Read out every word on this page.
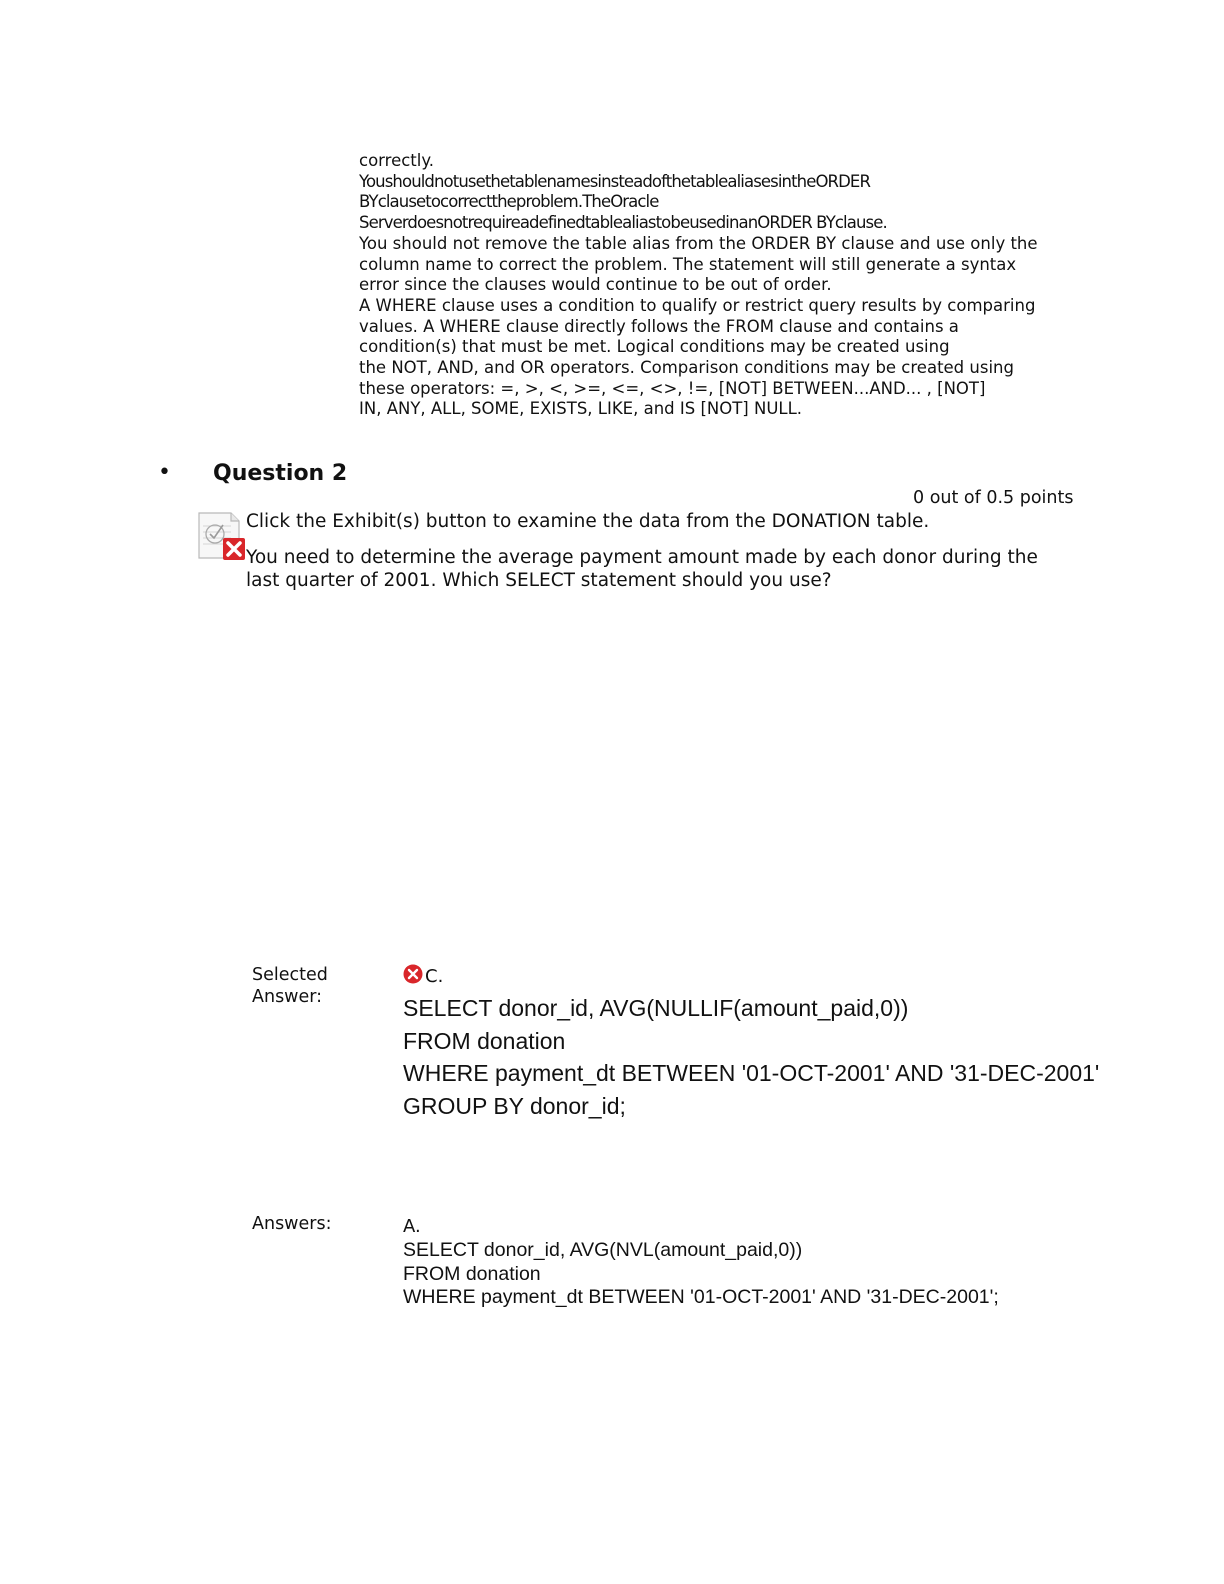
correctly.
YoushouldnotusethetablenamesinsteadofthetablealiasesintheORDER
BYclausetocorrecttheproblem.TheOracle
ServerdoesnotrequireadefinedtablealiastobeusedinanORDER BYclause.
You should not remove the table alias from the ORDER BY clause and use only the
column name to correct the problem. The statement will still generate a syntax
error since the clauses would continue to be out of order.
A WHERE clause uses a condition to qualify or restrict query results by comparing
values. A WHERE clause directly follows the FROM clause and contains a
condition(s) that must be met. Logical conditions may be created using
the NOT, AND, and OR operators. Comparison conditions may be created using
these operators: =, >, <, >=, <=, <>, !=, [NOT] BETWEEN...AND... , [NOT]
IN, ANY, ALL, SOME, EXISTS, LIKE, and IS [NOT] NULL.
• Question 2
0 out of 0.5 points

Click the Exhibit(s) button to examine the data from the DONATION table.

You need to determine the average payment amount made by each donor during the

last quarter of 2001. Which SELECT statement should you use?

Selected
Answer:
C.
SELECT donor_id, AVG(NULLIF(amount_paid,0))
FROM donation
WHERE payment_dt BETWEEN '01-OCT-2001' AND '31-DEC-2001'
GROUP BY donor_id;
Answers:	A.
SELECT donor_id, AVG(NVL(amount_paid,0))
FROM donation
WHERE payment_dt BETWEEN '01-OCT-2001' AND '31-DEC-2001';
